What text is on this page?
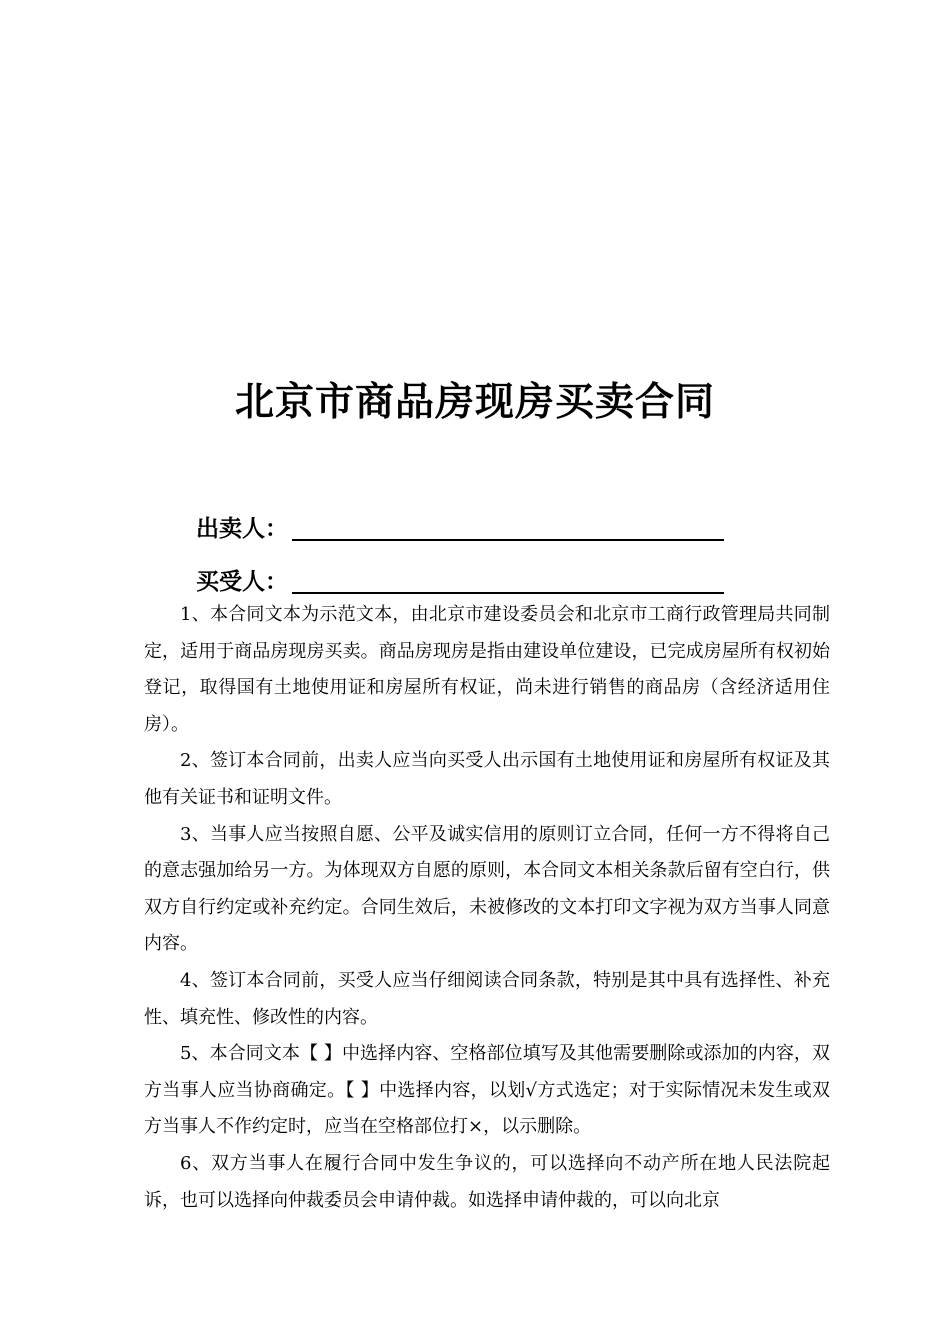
北京市商品房现房买卖合同
出卖人：
买受人：

1、本合同文本为示范文本，由北京市建设委员会和北京市工商行政管理局共同制定，适用于商品房现房买卖。商品房现房是指由建设单位建设，已完成房屋所有权初始登记，取得国有土地使用证和房屋所有权证，尚未进行销售的商品房（含经济适用住房）。

2、签订本合同前，出卖人应当向买受人出示国有土地使用证和房屋所有权证及其他有关证书和证明文件。

3、当事人应当按照自愿、公平及诚实信用的原则订立合同，任何一方不得将自己的意志强加给另一方。为体现双方自愿的原则，本合同文本相关条款后留有空白行，供双方自行约定或补充约定。合同生效后，未被修改的文本打印文字视为双方当事人同意内容。

4、签订本合同前，买受人应当仔细阅读合同条款，特别是其中具有选择性、补充性、填充性、修改性的内容。

5、本合同文本【 】中选择内容、空格部位填写及其他需要删除或添加的内容，双方当事人应当协商确定。【 】中选择内容，以划√方式选定；对于实际情况未发生或双方当事人不作约定时，应当在空格部位打×，以示删除。

6、双方当事人在履行合同中发生争议的，可以选择向不动产所在地人民法院起诉，也可以选择向仲裁委员会申请仲裁。如选择申请仲裁的，可以向北京
